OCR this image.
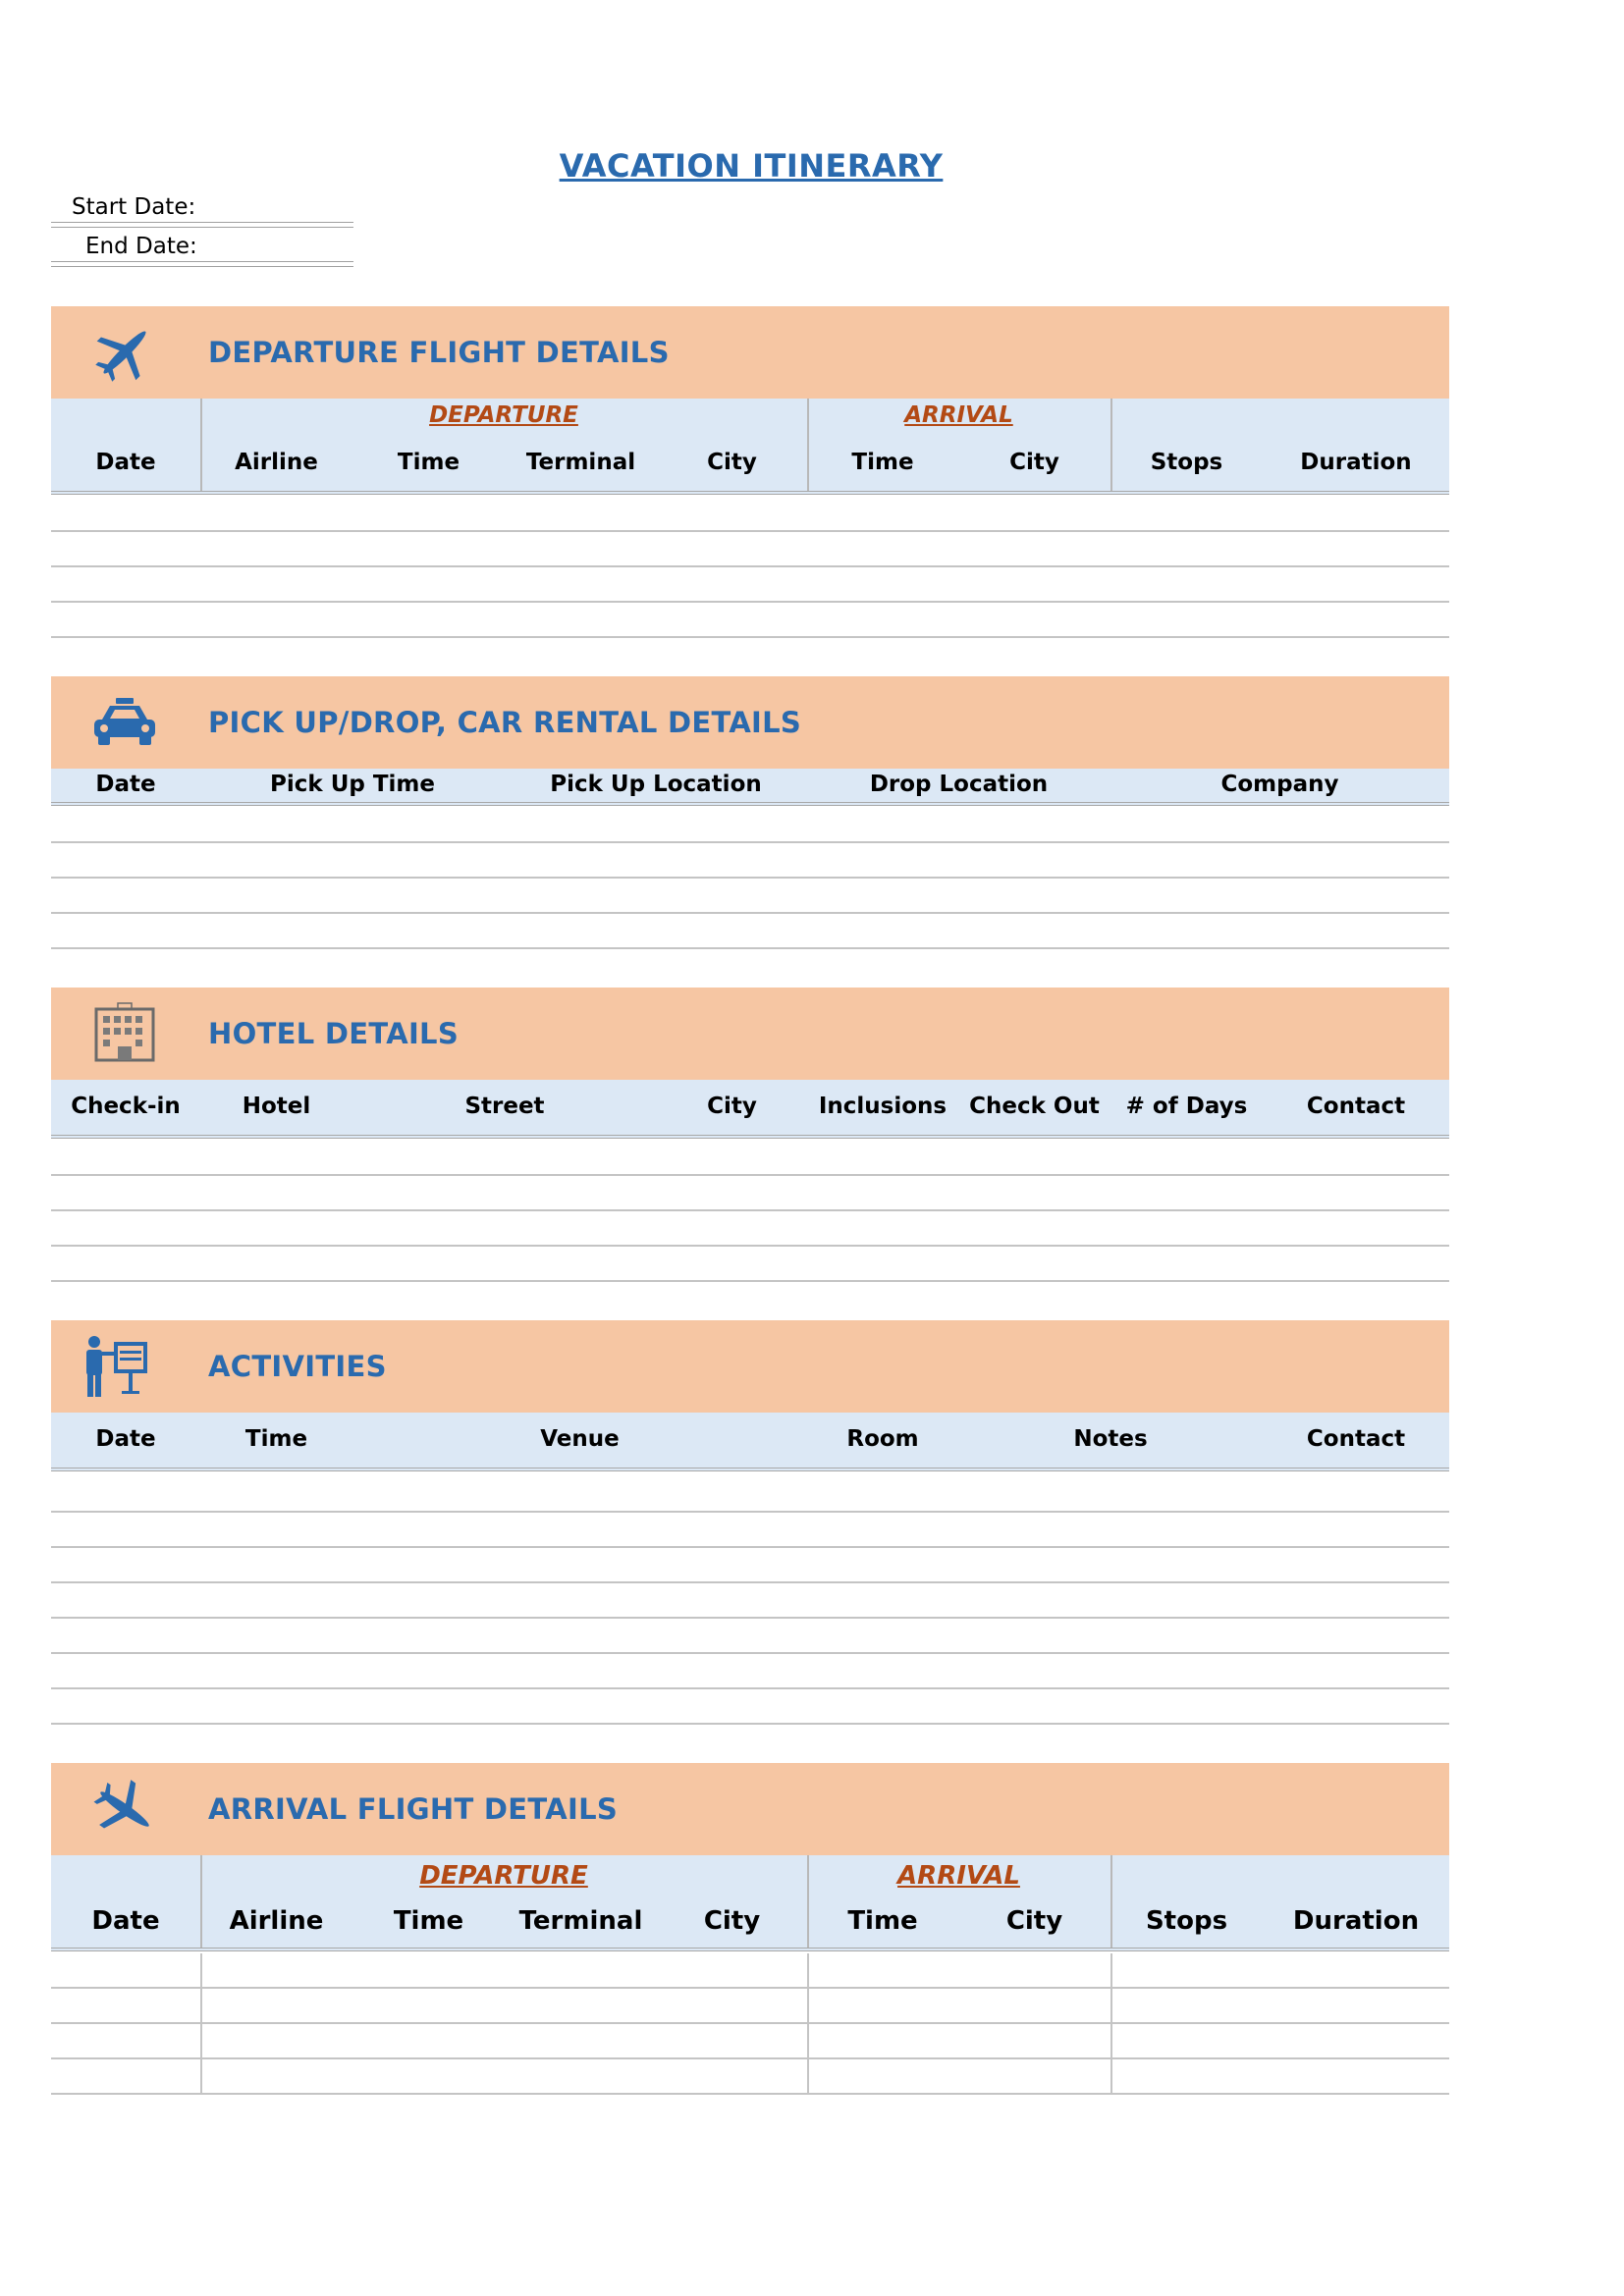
VACATION ITINERARY
Start Date:
End Date:
DEPARTURE FLIGHT DETAILS
DEPARTURE	ARRIVAL
Date	Airline	Time	Terminal	City	Time	City	Stops	Duration
PICK UP/DROP, CAR RENTAL DETAILS
Date	Pick Up Time	Pick Up Location	Drop Location	Company
HOTEL DETAILS
Check-in	Hotel	Street	City	Inclusions	Check Out	# of Days	Contact
ACTIVITIES
Date	Time	Venue	Room	Notes	Contact
ARRIVAL FLIGHT DETAILS
DEPARTURE	ARRIVAL
Date	Airline	Time	Terminal	City	Time	City	Stops	Duration
